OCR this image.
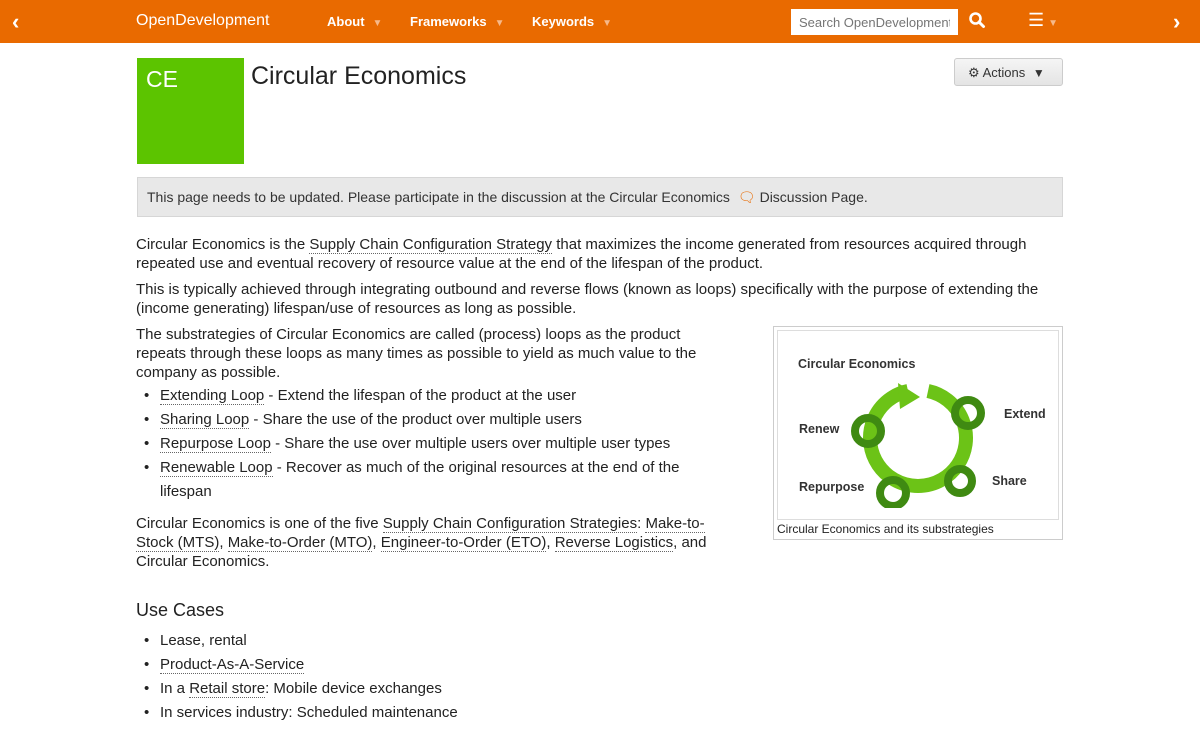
‹	OpenDevelopment	About ▼ Frameworks ▼ Keywords ▼
Search OpenDevelopment	☰ ▼	›
CE	Circular Economics	⚙ Actions ▼
This page needs to be updated. Please participate in the discussion at the Circular Economics 🗨 Discussion Page.

Circular Economics is the Supply Chain Configuration Strategy that maximizes the income generated from resources acquired through repeated use and eventual recovery of resource value at the end of the lifespan of the product.

This is typically achieved through integrating outbound and reverse flows (known as loops) specifically with the purpose of extending the (income generating) lifespan/use of resources as long as possible.

The substrategies of Circular Economics are called (process) loops as the product repeats through these loops as many times as possible to yield as much value to the company as possible.

• Extending Loop - Extend the lifespan of the product at the user
• Sharing Loop - Share the use of the product over multiple users
• Repurpose Loop - Share the use over multiple users over multiple user types
• Renewable Loop - Recover as much of the original resources at the end of the lifespan

Circular Economics is one of the five Supply Chain Configuration Strategies: Make-to-Stock (MTS), Make-to-Order (MTO), Engineer-to-Order (ETO), Reverse Logistics, and Circular Economics.

Use Cases
• Lease, rental
• Product-As-A-Service
• In a Retail store: Mobile device exchanges
• In services industry: Scheduled maintenance
Circular Economics
Extend
Renew
Share
Repurpose
Circular Economics and its substrategies
